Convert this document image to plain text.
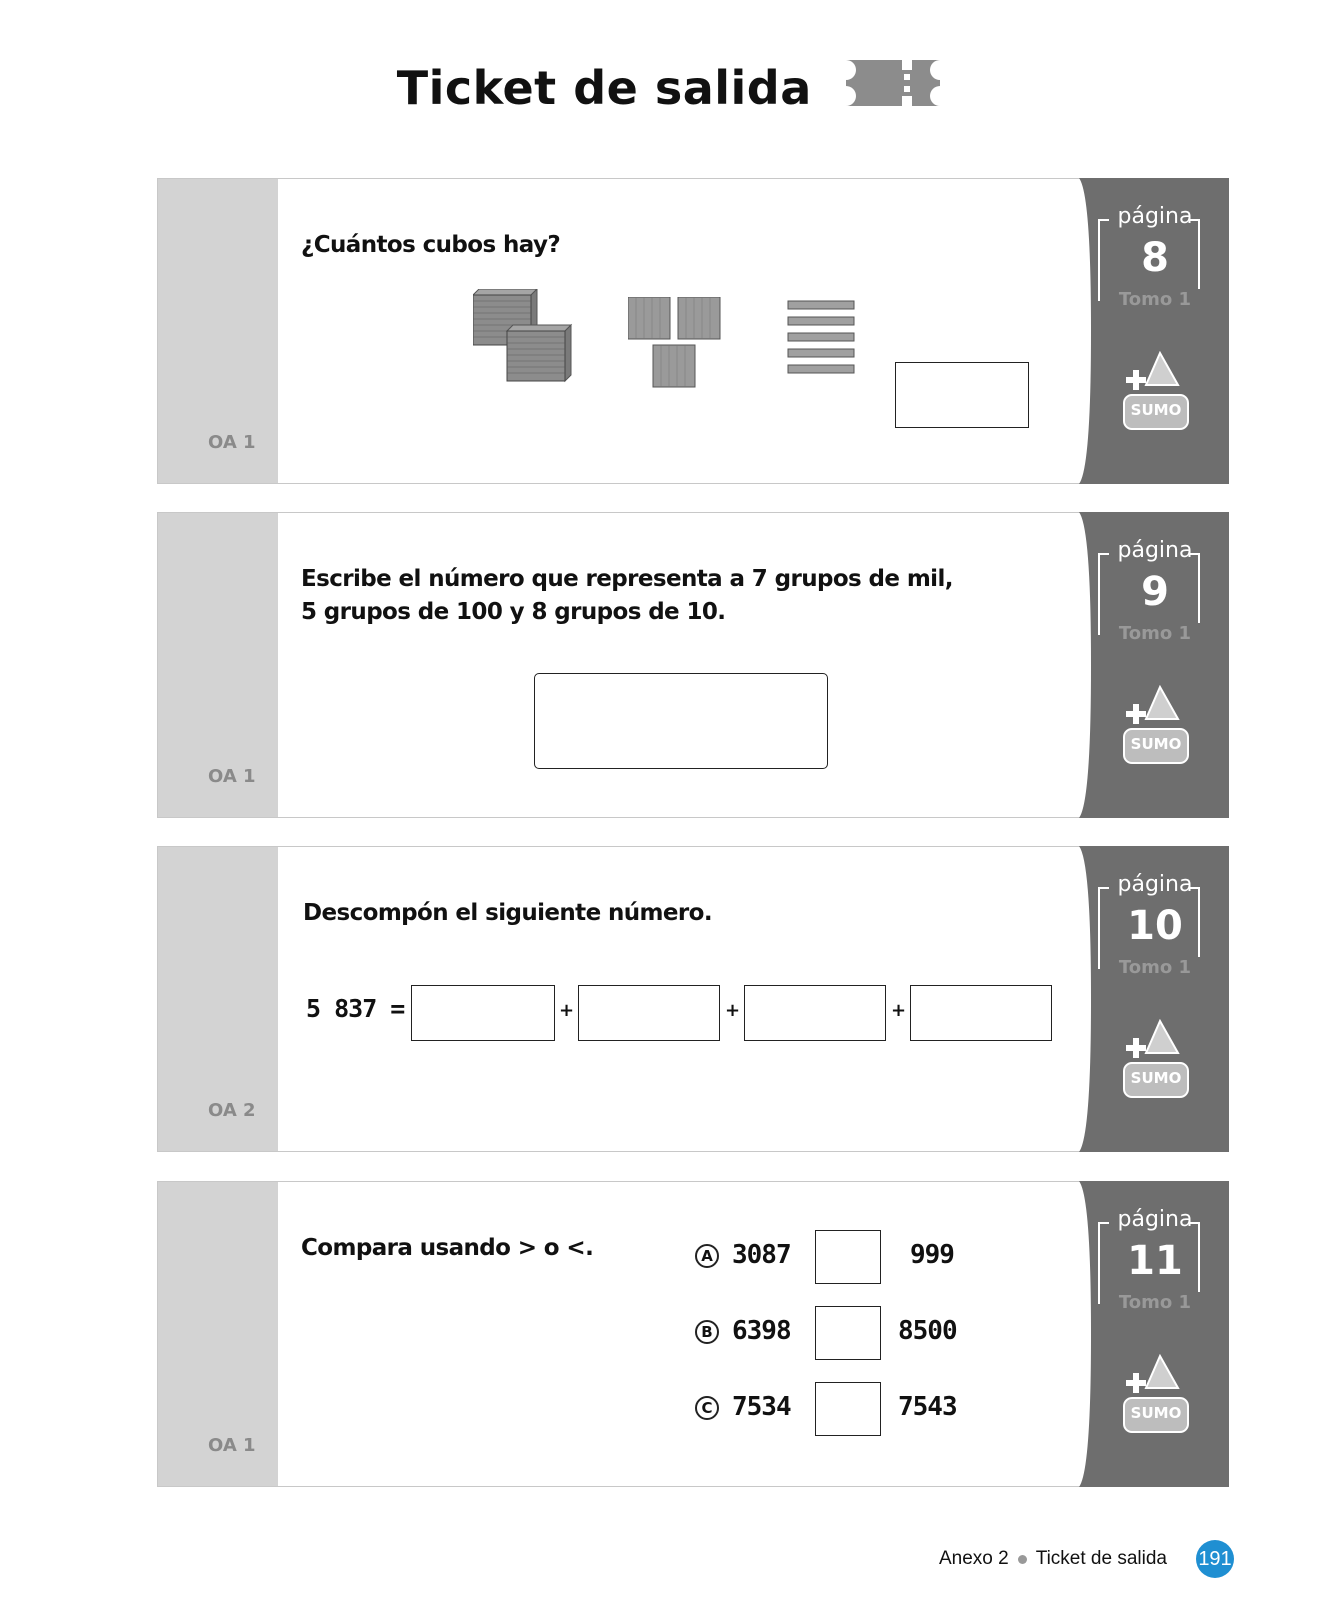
Ticket de salida
OA 1
¿Cuántos cubos hay?
página
8
Tomo 1
SUMO
OA 1
Escribe el número que representa a 7 grupos de mil,
5 grupos de 100 y 8 grupos de 10.
página
9
Tomo 1
SUMO
OA 2
Descompón el siguiente número.
5 837 =	+	+	+
página
10
Tomo 1
SUMO
OA 1
Compara usando > o <.	A 3087	999
B 6398	8500
C 7534	7543
página
11
Tomo 1
SUMO
Anexo 2 Ticket de salida 191
